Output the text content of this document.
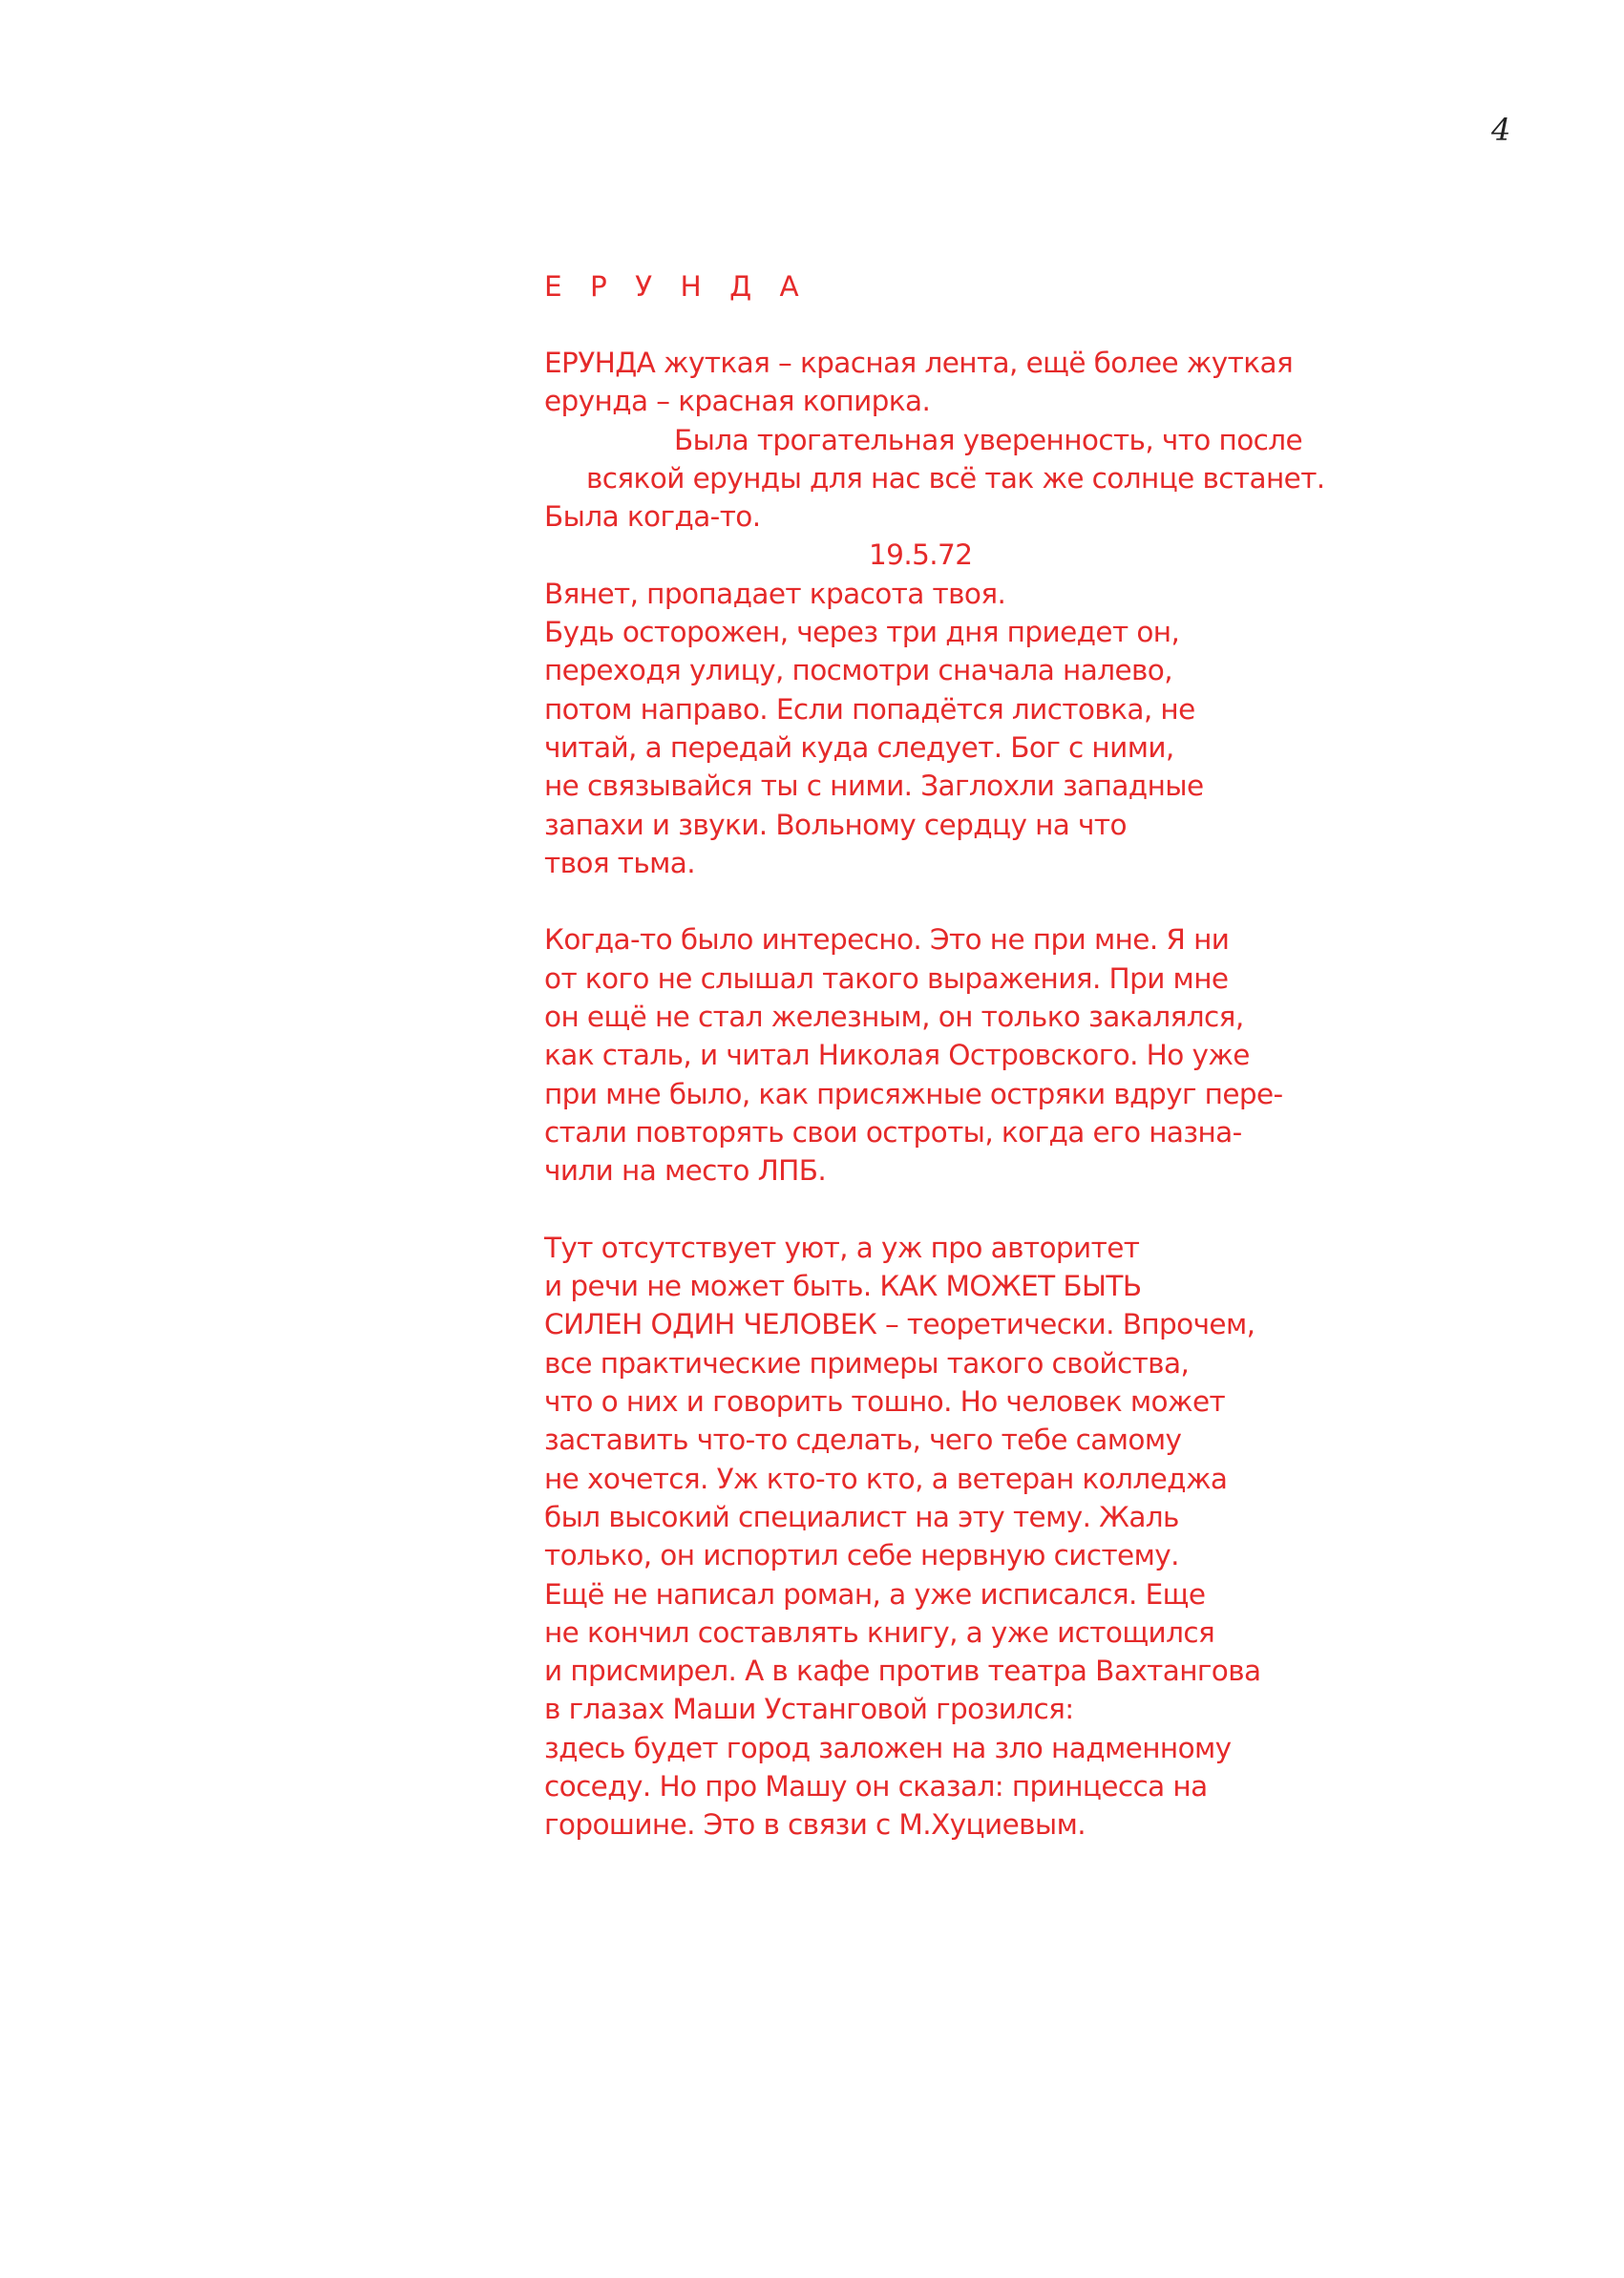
4
Е Р У Н Д А
ЕРУНДА жуткая – красная лента, ещё более жуткая
ерунда – красная копирка.
Была трогательная уверенность, что после
всякой ерунды для нас всё так же солнце встанет.
Была когда-то.
19.5.72
Вянет, пропадает красота твоя.
Будь осторожен, через три дня приедет он,
переходя улицу, посмотри сначала налево,
потом направо. Если попадётся листовка, не
читай, а передай куда следует. Бог с ними,
не связывайся ты с ними. Заглохли западные
запахи и звуки. Вольному сердцу на что
твоя тьма.
Когда-то было интересно. Это не при мне. Я ни
от кого не слышал такого выражения. При мне
он ещё не стал железным, он только закалялся,
как сталь, и читал Николая Островского. Но уже
при мне было, как присяжные остряки вдруг пере-
стали повторять свои остроты, когда его назна-
чили на место ЛПБ.
Тут отсутствует уют, а уж про авторитет
и речи не может быть. КАК МОЖЕТ БЫТЬ
СИЛЕН ОДИН ЧЕЛОВЕК – теоретически. Впрочем,
все практические примеры такого свойства,
что о них и говорить тошно. Но человек может
заставить что-то сделать, чего тебе самому
не хочется. Уж кто-то кто, а ветеран колледжа
был высокий специалист на эту тему. Жаль
только, он испортил себе нервную систему.
Ещё не написал роман, а уже исписался. Еще
не кончил составлять книгу, а уже истощился
и присмирел. А в кафе против театра Вахтангова
в глазах Маши Устанговой грозился:
здесь будет город заложен на зло надменному
соседу. Но про Машу он сказал: принцесса на
горошине. Это в связи с М.Хуциевым.
